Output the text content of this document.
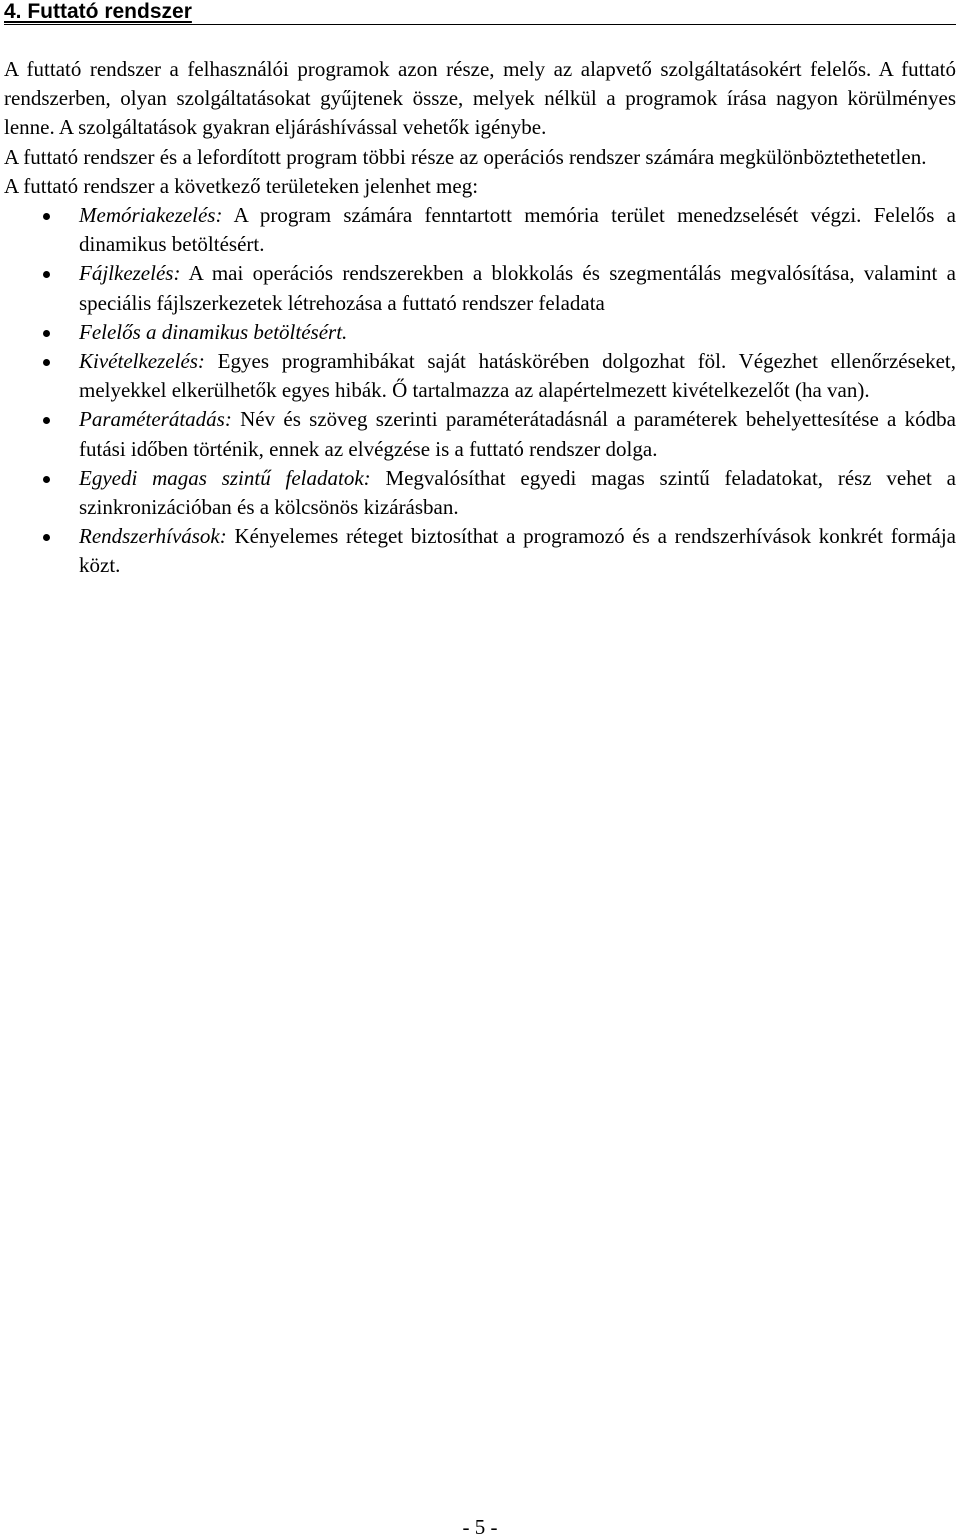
4. Futtató rendszer

A futtató rendszer a felhasználói programok azon része, mely az alapvető szolgáltatásokért felelős. A futtató rendszerben, olyan szolgáltatásokat gyűjtenek össze, melyek nélkül a programok írása nagyon körülményes lenne. A szolgáltatások gyakran eljáráshívással vehetők igénybe.

A futtató rendszer és a lefordított program többi része az operációs rendszer számára megkülönböztethetetlen.

A futtató rendszer a következő területeken jelenhet meg:

Memóriakezelés: A program számára fenntartott memória terület menedzselését végzi. Felelős a dinamikus betöltésért.
Fájlkezelés: A mai operációs rendszerekben a blokkolás és szegmentálás megvalósítása, valamint a speciális fájlszerkezetek létrehozása a futtató rendszer feladata
Felelős a dinamikus betöltésért.
Kivételkezelés: Egyes programhibákat saját hatáskörében dolgozhat föl. Végezhet ellenőrzéseket, melyekkel elkerülhetők egyes hibák. Ő tartalmazza az alapértelmezett kivételkezelőt (ha van).
Paraméterátadás: Név és szöveg szerinti paraméterátadásnál a paraméterek behelyettesítése a kódba futási időben történik, ennek az elvégzése is a futtató rendszer dolga.
Egyedi magas szintű feladatok: Megvalósíthat egyedi magas szintű feladatokat, rész vehet a szinkronizációban és a kölcsönös kizárásban.
Rendszerhívások: Kényelemes réteget biztosíthat a programozó és a rendszerhívások konkrét formája közt.
- 5 -
